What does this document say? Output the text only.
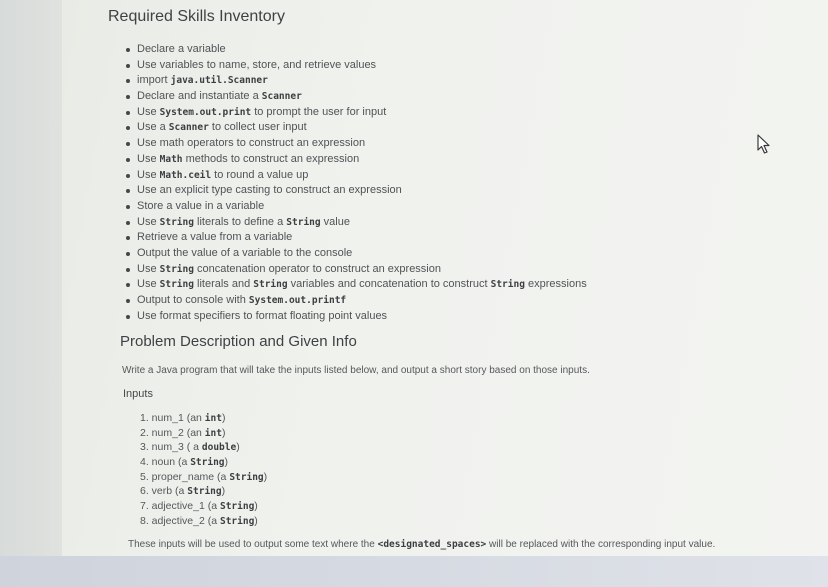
Required Skills Inventory
Declare a variable
Use variables to name, store, and retrieve values
import java.util.Scanner
Declare and instantiate a Scanner
Use System.out.print to prompt the user for input
Use a Scanner to collect user input
Use math operators to construct an expression
Use Math methods to construct an expression
Use Math.ceil to round a value up
Use an explicit type casting to construct an expression
Store a value in a variable
Use String literals to define a String value
Retrieve a value from a variable
Output the value of a variable to the console
Use String concatenation operator to construct an expression
Use String literals and String variables and concatenation to construct String expressions
Output to console with System.out.printf
Use format specifiers to format floating point values
Problem Description and Given Info

Write a Java program that will take the inputs listed below, and output a short story based on those inputs.

Inputs

1. num_1 (an int)
2. num_2 (an int)
3. num_3 ( a double)
4. noun (a String)
5. proper_name (a String)
6. verb (a String)
7. adjective_1 (a String)
8. adjective_2 (a String)

These inputs will be used to output some text where the <designated_spaces> will be replaced with the corresponding input value.
